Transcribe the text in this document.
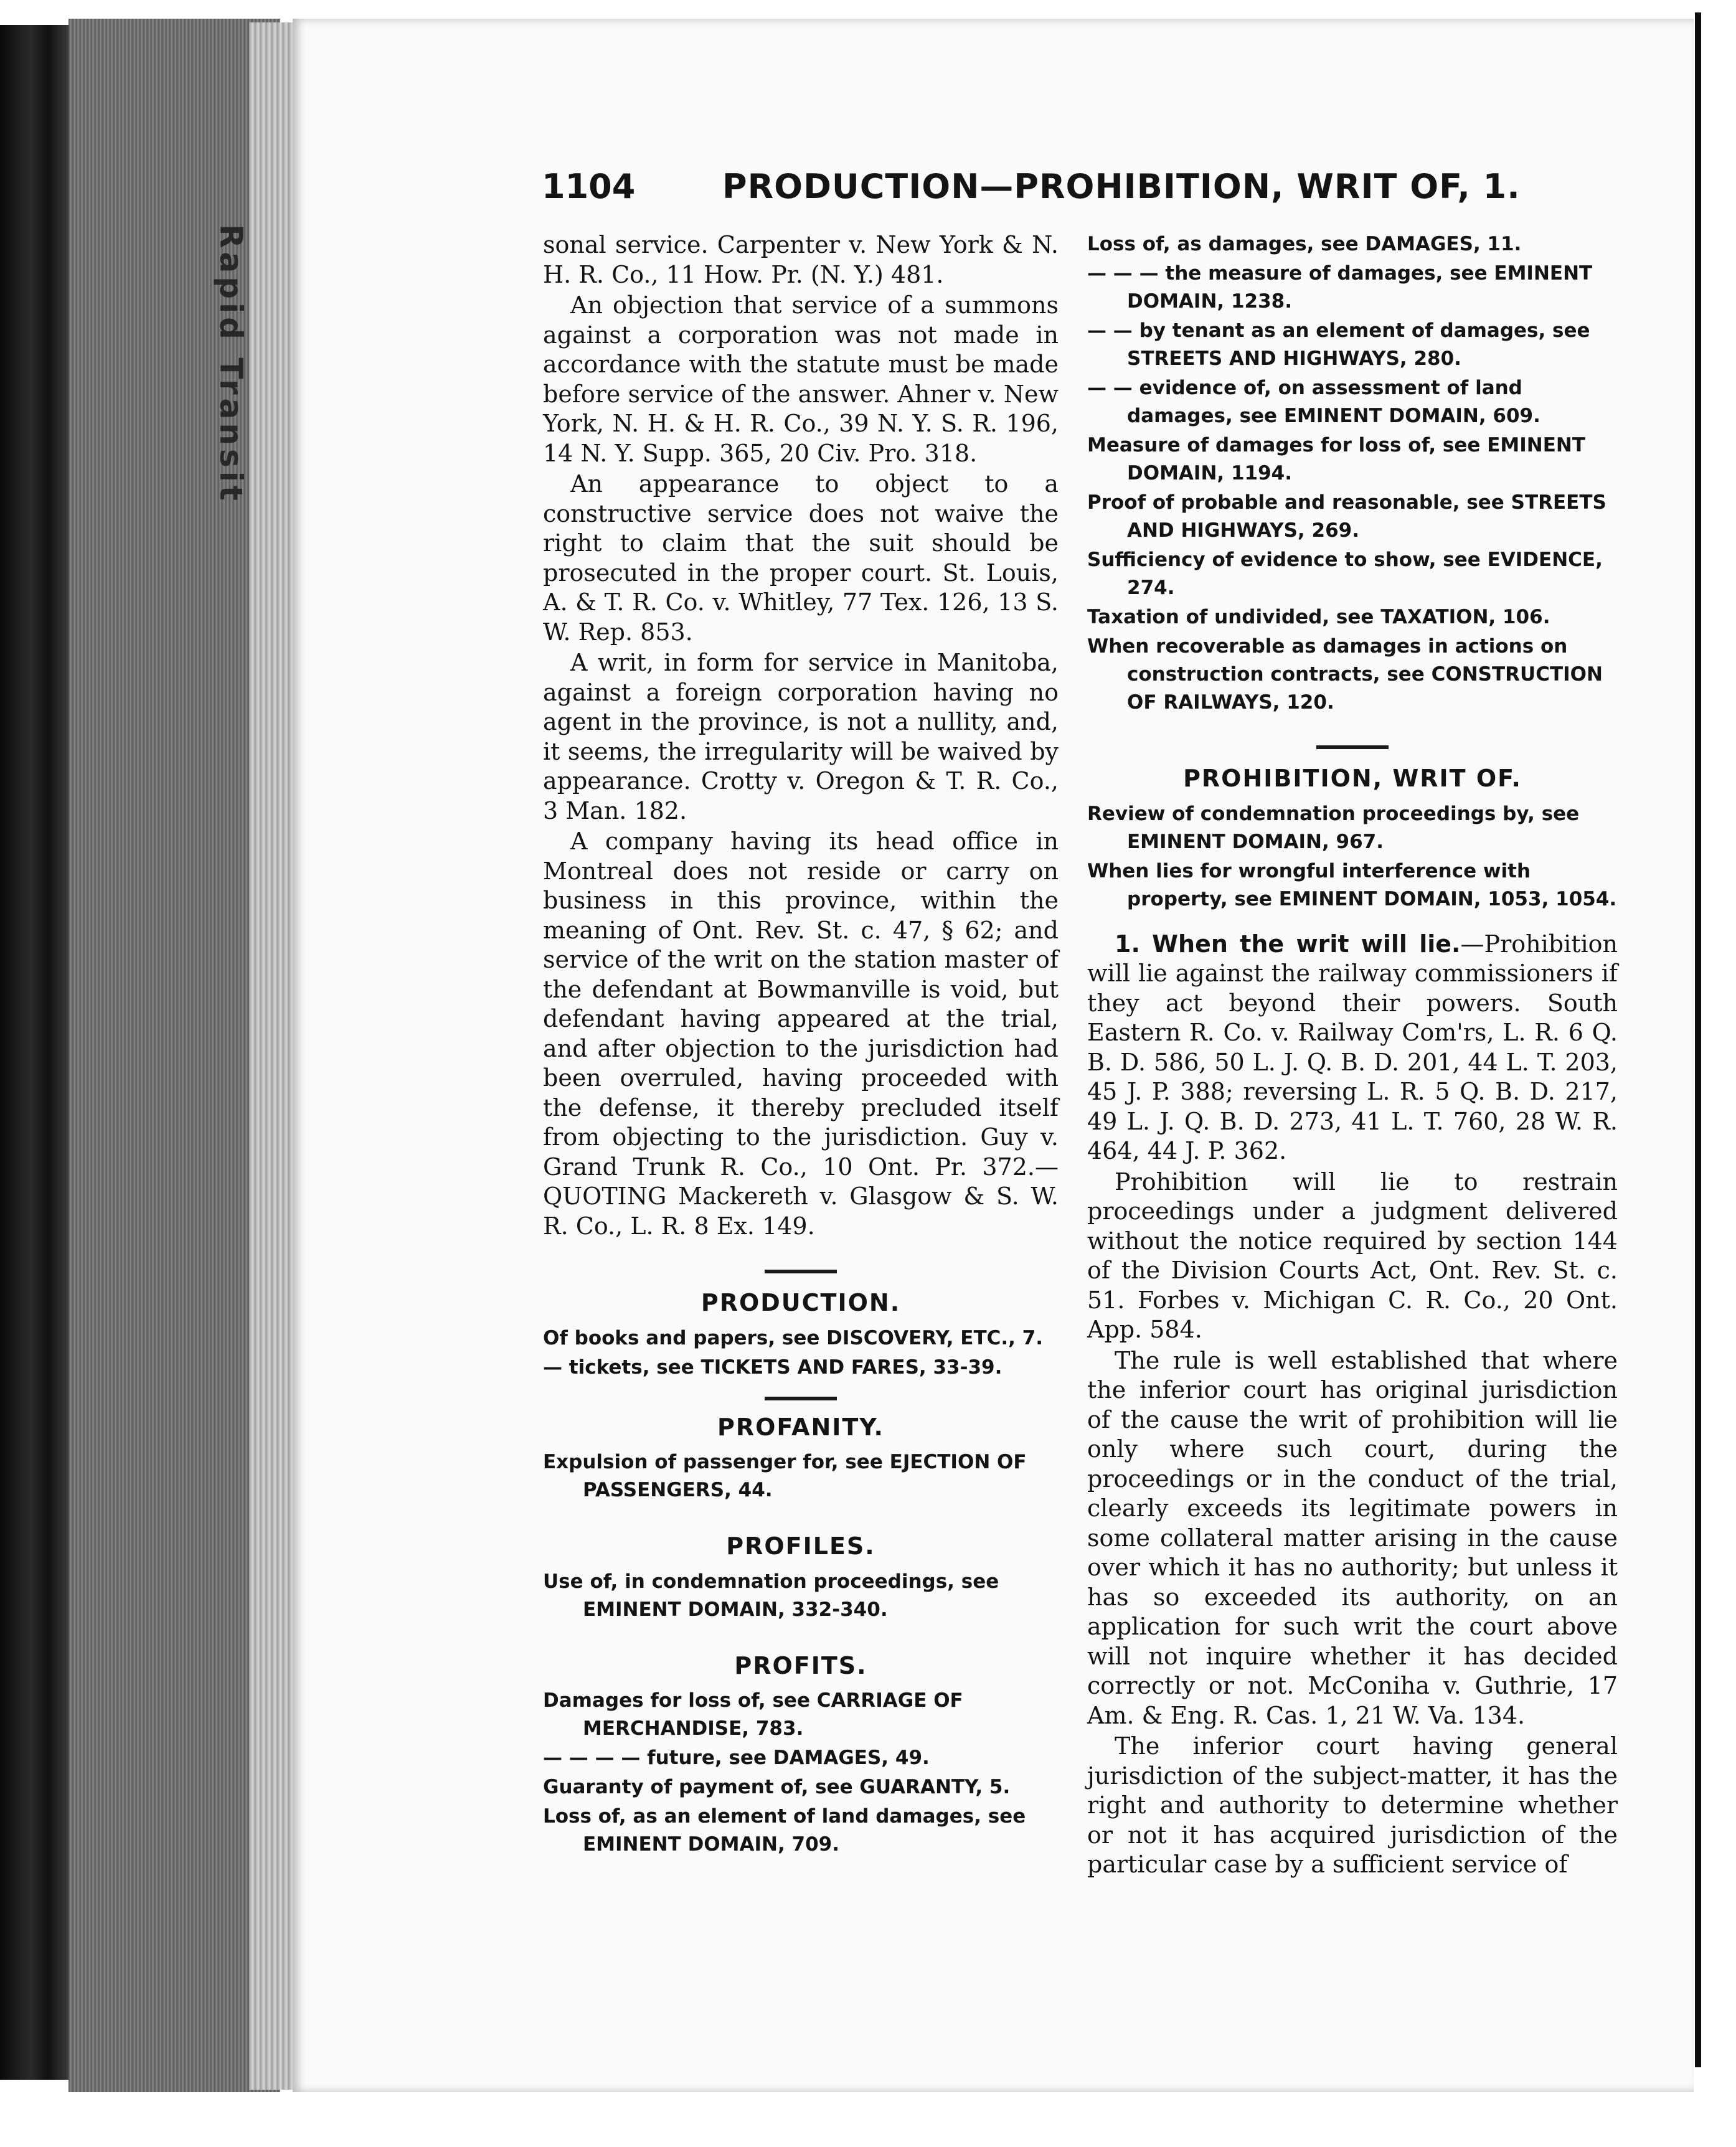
Rapid Transit
1104	PRODUCTION—PROHIBITION, WRIT OF, 1.

sonal service. Carpenter v. New York & N. H. R. Co., 11 How. Pr. (N. Y.) 481.

An objection that service of a summons against a corporation was not made in accordance with the statute must be made before service of the answer. Ahner v. New York, N. H. & H. R. Co., 39 N. Y. S. R. 196, 14 N. Y. Supp. 365, 20 Civ. Pro. 318.

An appearance to object to a constructive service does not waive the right to claim that the suit should be prosecuted in the proper court. St. Louis, A. & T. R. Co. v. Whitley, 77 Tex. 126, 13 S. W. Rep. 853.

A writ, in form for service in Manitoba, against a foreign corporation having no agent in the province, is not a nullity, and, it seems, the irregularity will be waived by appearance. Crotty v. Oregon & T. R. Co., 3 Man. 182.

A company having its head office in Montreal does not reside or carry on business in this province, within the meaning of Ont. Rev. St. c. 47, § 62; and service of the writ on the station master of the defendant at Bowmanville is void, but defendant having appeared at the trial, and after objection to the jurisdiction had been overruled, having proceeded with the defense, it thereby precluded itself from objecting to the jurisdiction. Guy v. Grand Trunk R. Co., 10 Ont. Pr. 372.—QUOTING Mackereth v. Glasgow & S. W. R. Co., L. R. 8 Ex. 149.

PRODUCTION.

Of books and papers, see DISCOVERY, ETC., 7.

— tickets, see TICKETS AND FARES, 33-39.

PROFANITY.

Expulsion of passenger for, see EJECTION OF PASSENGERS, 44.

PROFILES.

Use of, in condemnation proceedings, see EMINENT DOMAIN, 332-340.

PROFITS.

Damages for loss of, see CARRIAGE OF MERCHANDISE, 783.

— — — — future, see DAMAGES, 49.

Guaranty of payment of, see GUARANTY, 5.

Loss of, as an element of land damages, see EMINENT DOMAIN, 709.

Loss of, as damages, see DAMAGES, 11.

— — — the measure of damages, see EMINENT DOMAIN, 1238.

— — by tenant as an element of damages, see STREETS AND HIGHWAYS, 280.

— — evidence of, on assessment of land damages, see EMINENT DOMAIN, 609.

Measure of damages for loss of, see EMINENT DOMAIN, 1194.

Proof of probable and reasonable, see STREETS AND HIGHWAYS, 269.

Sufficiency of evidence to show, see EVIDENCE, 274.

Taxation of undivided, see TAXATION, 106.

When recoverable as damages in actions on construction contracts, see CONSTRUCTION OF RAILWAYS, 120.

PROHIBITION, WRIT OF.

Review of condemnation proceedings by, see EMINENT DOMAIN, 967.

When lies for wrongful interference with property, see EMINENT DOMAIN, 1053, 1054.

1. When the writ will lie.—Prohibition will lie against the railway commissioners if they act beyond their powers. South Eastern R. Co. v. Railway Com'rs, L. R. 6 Q. B. D. 586, 50 L. J. Q. B. D. 201, 44 L. T. 203, 45 J. P. 388; reversing L. R. 5 Q. B. D. 217, 49 L. J. Q. B. D. 273, 41 L. T. 760, 28 W. R. 464, 44 J. P. 362.

Prohibition will lie to restrain proceedings under a judgment delivered without the notice required by section 144 of the Division Courts Act, Ont. Rev. St. c. 51. Forbes v. Michigan C. R. Co., 20 Ont. App. 584.

The rule is well established that where the inferior court has original jurisdiction of the cause the writ of prohibition will lie only where such court, during the proceedings or in the conduct of the trial, clearly exceeds its legitimate powers in some collateral matter arising in the cause over which it has no authority; but unless it has so exceeded its authority, on an application for such writ the court above will not inquire whether it has decided correctly or not. McConiha v. Guthrie, 17 Am. & Eng. R. Cas. 1, 21 W. Va. 134.

The inferior court having general jurisdiction of the subject-matter, it has the right and authority to determine whether or not it has acquired jurisdiction of the particular case by a sufficient service of
